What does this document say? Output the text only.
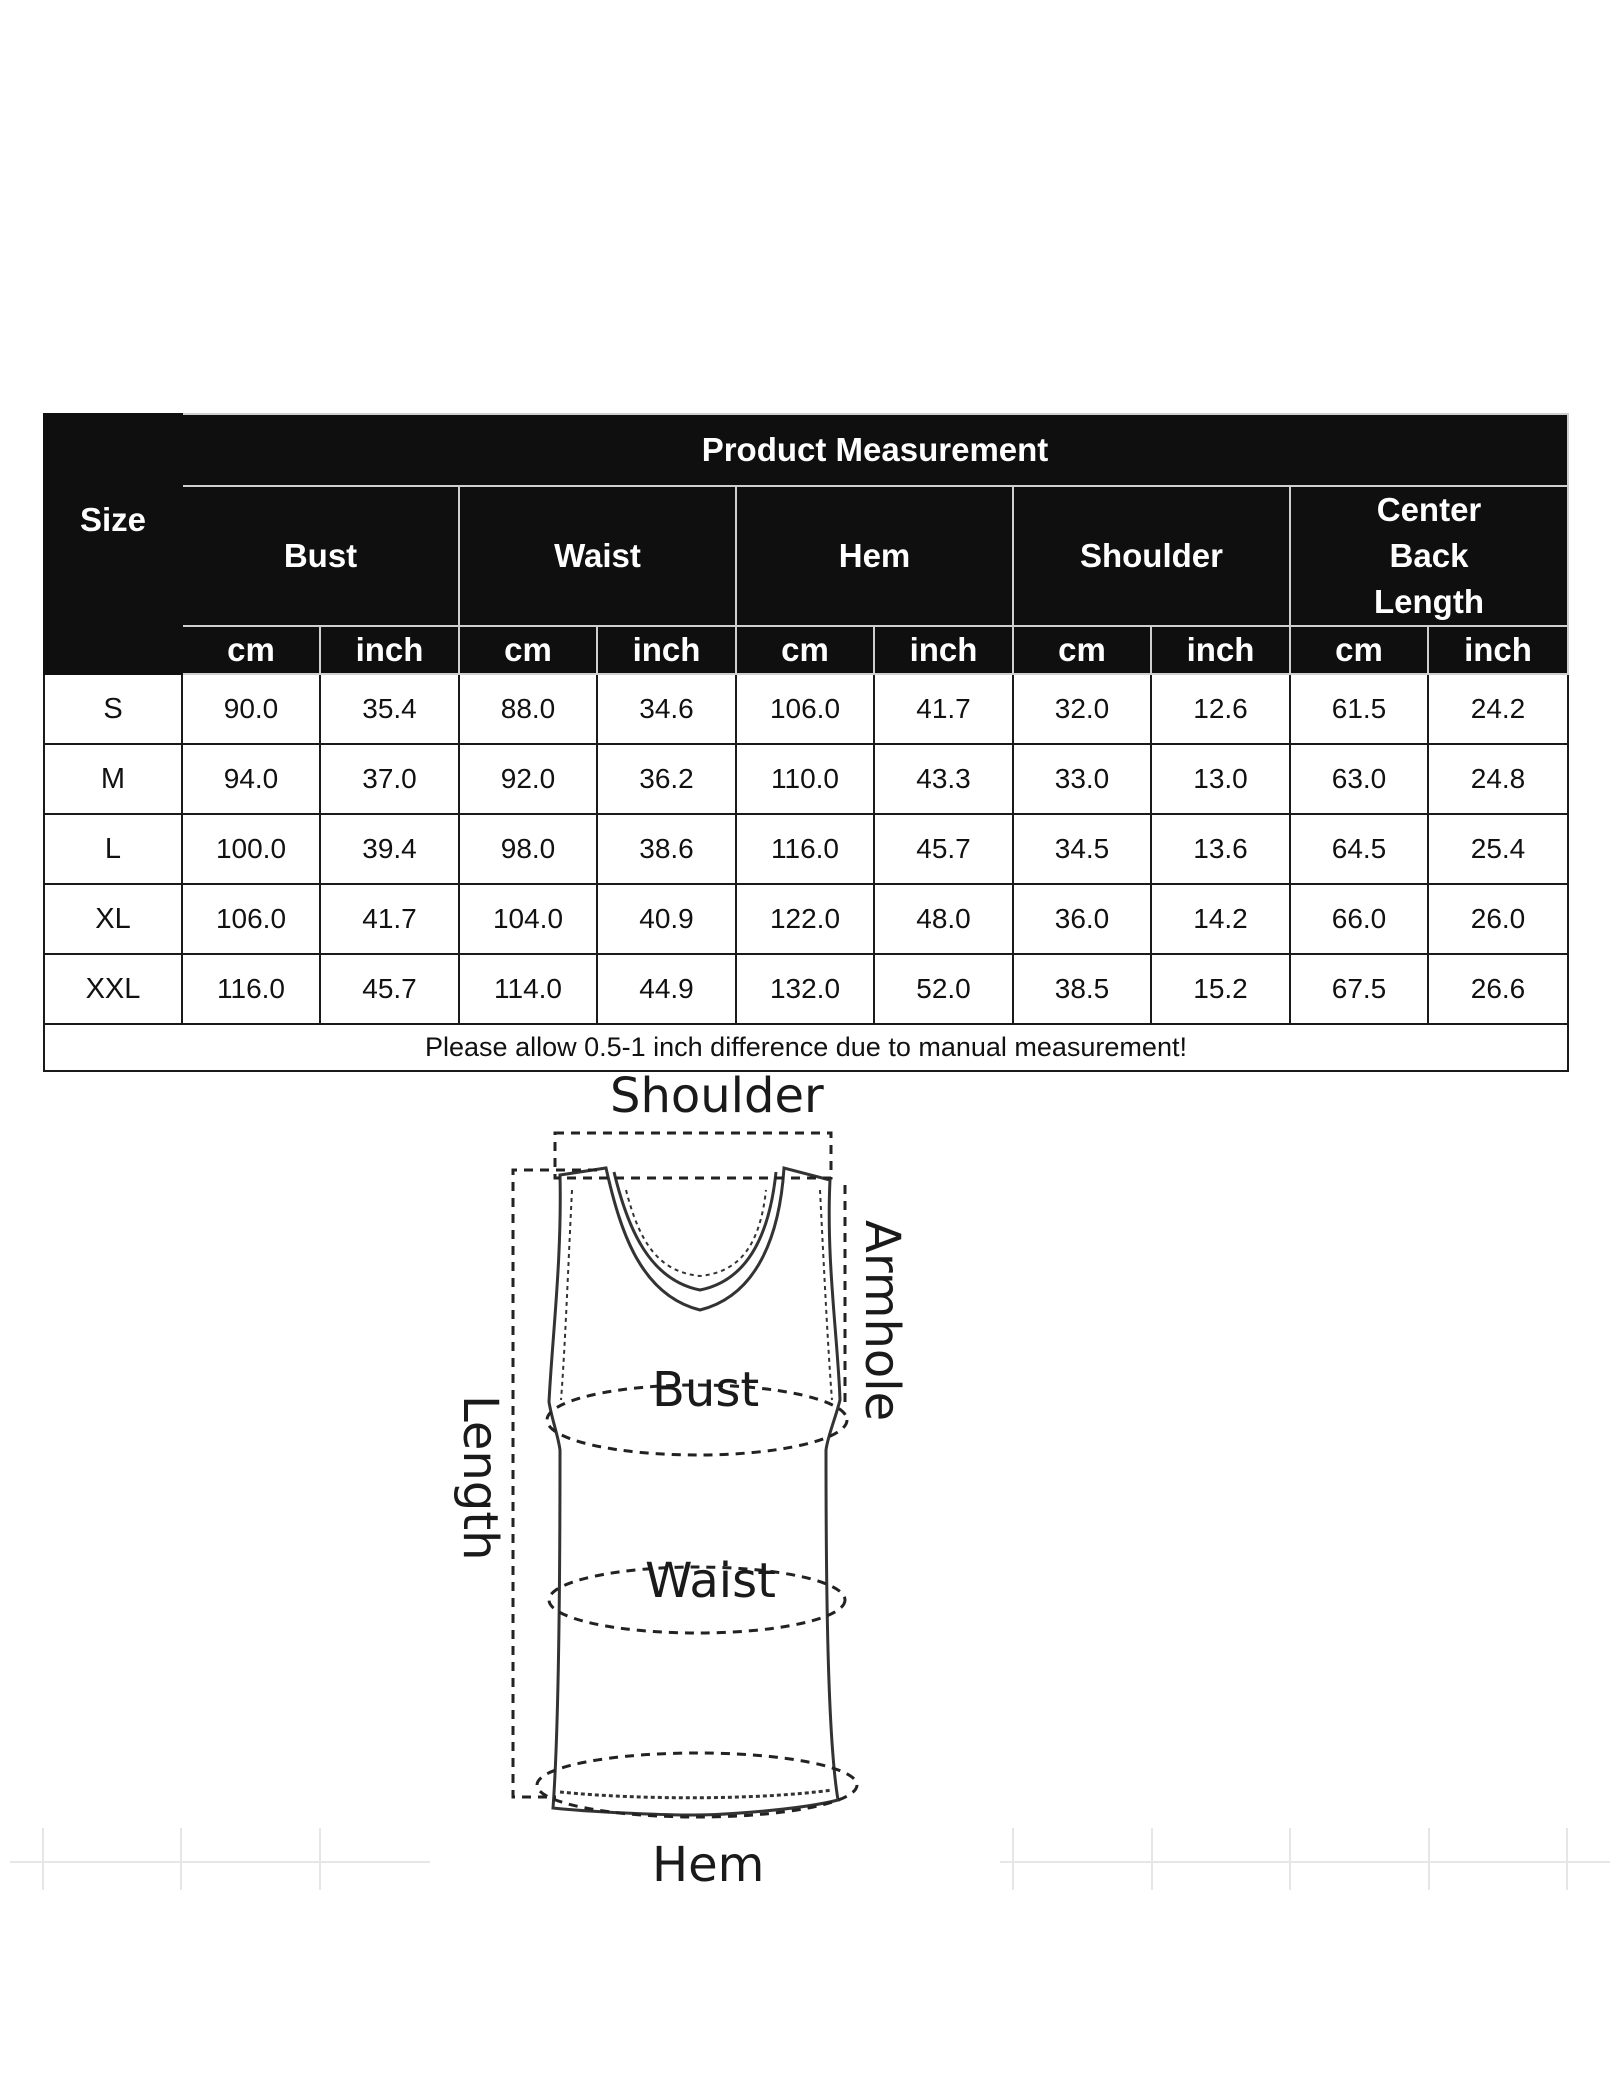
Size	Product Measurement									
	Bust		Waist		Hem		Shoulder		Center Back Length	
	cm	inch	cm	inch	cm	inch	cm	inch	cm	inch
S	90.0	35.4	88.0	34.6	106.0	41.7	32.0	12.6	61.5	24.2
M	94.0	37.0	92.0	36.2	110.0	43.3	33.0	13.0	63.0	24.8
L	100.0	39.4	98.0	38.6	116.0	45.7	34.5	13.6	64.5	25.4
XL	106.0	41.7	104.0	40.9	122.0	48.0	36.0	14.2	66.0	26.0
XXL	116.0	45.7	114.0	44.9	132.0	52.0	38.5	15.2	67.5	26.6
Please allow 0.5-1 inch difference due to manual measurement!										
Shoulder
Armhole
Bust
Length
Waist
Hem
